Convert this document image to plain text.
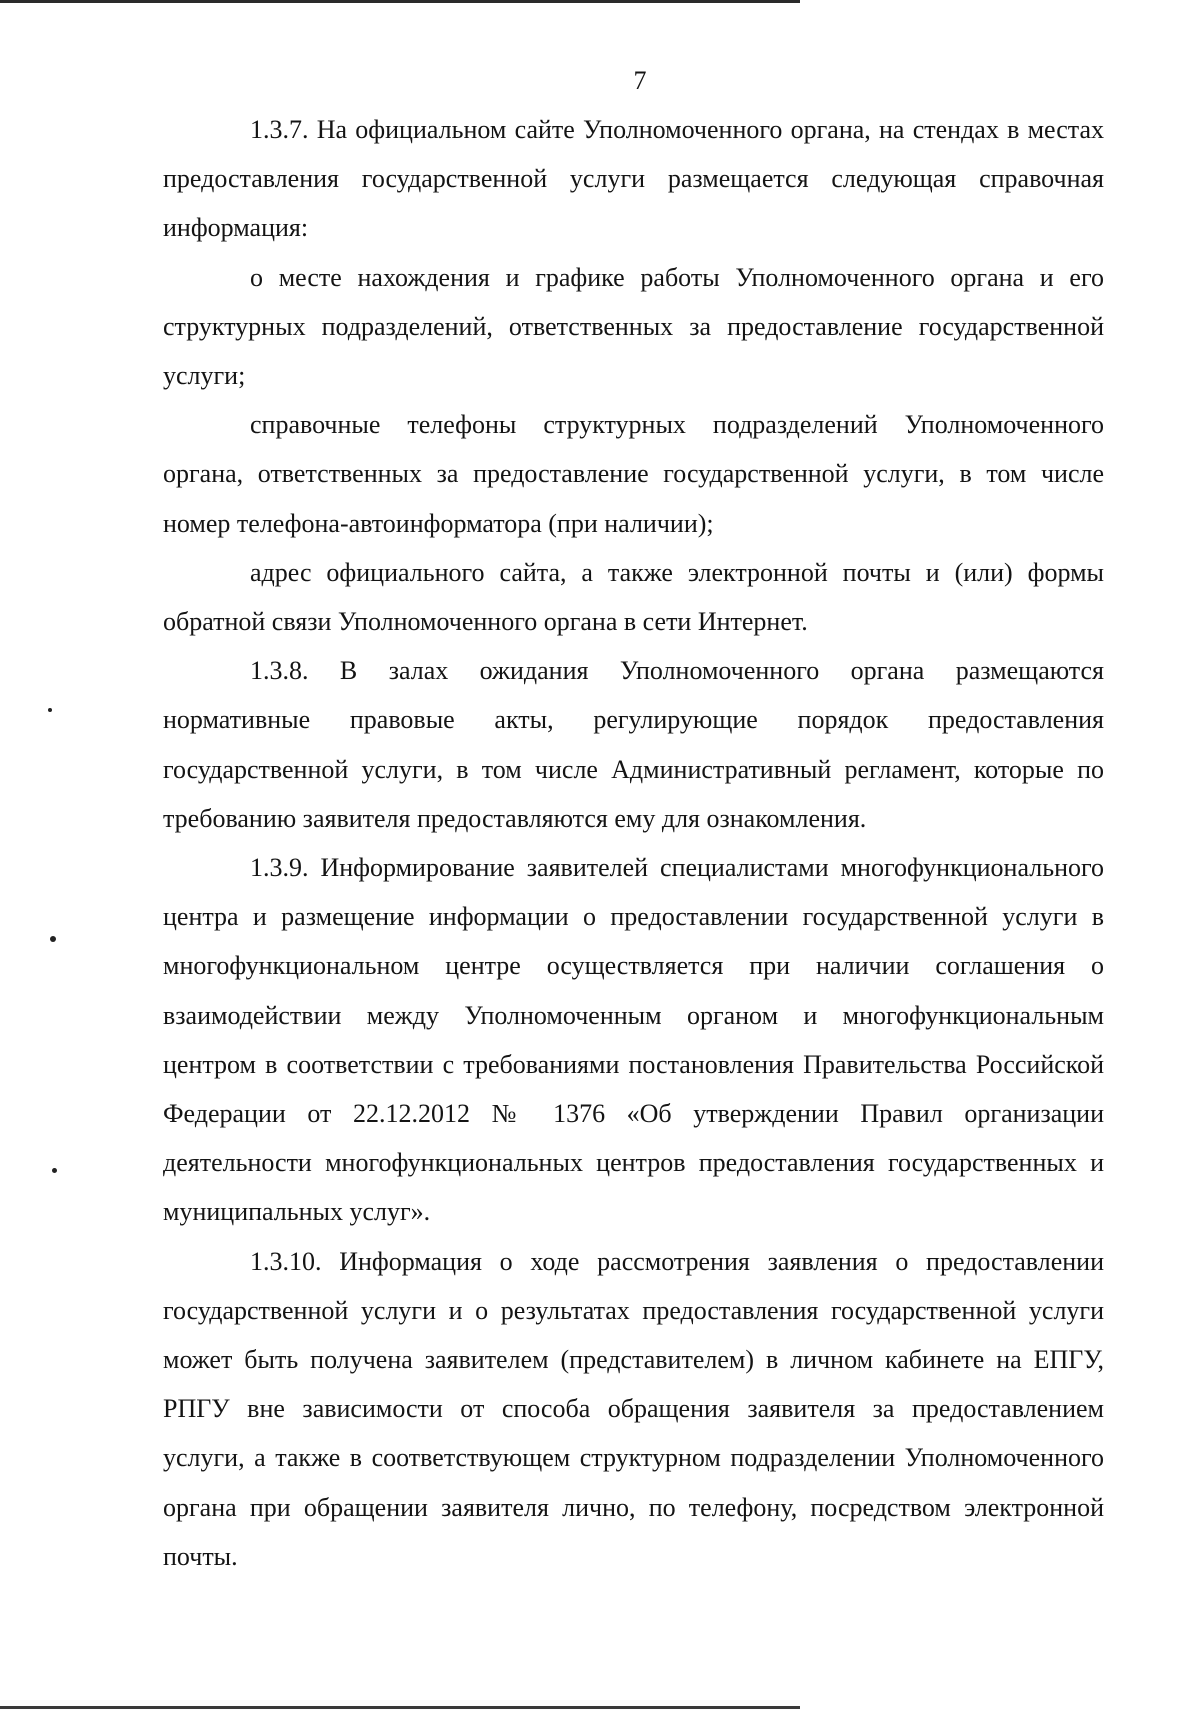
7

1.3.7. На официальном сайте Уполномоченного органа, на стендах в местах предоставления государственной услуги размещается следующая справочная информация:

о месте нахождения и графике работы Уполномоченного органа и его структурных подразделений, ответственных за предоставление государственной услуги;

справочные телефоны структурных подразделений Уполномоченного органа, ответственных за предоставление государственной услуги, в том числе номер телефона-автоинформатора (при наличии);

адрес официального сайта, а также электронной почты и (или) формы обратной связи Уполномоченного органа в сети Интернет.

1.3.8. В залах ожидания Уполномоченного органа размещаются нормативные правовые акты, регулирующие порядок предоставления государственной услуги, в том числе Административный регламент, которые по требованию заявителя предоставляются ему для ознакомления.

1.3.9. Информирование заявителей специалистами многофункционального центра и размещение информации о предоставлении государственной услуги в многофункциональном центре осуществляется при наличии соглашения о взаимодействии между Уполномоченным органом и многофункциональным центром в соответствии с требованиями постановления Правительства Российской Федерации от 22.12.2012 № 1376 «Об утверждении Правил организации деятельности многофункциональных центров предоставления государственных и муниципальных услуг».

1.3.10. Информация о ходе рассмотрения заявления о предоставлении государственной услуги и о результатах предоставления государственной услуги может быть получена заявителем (представителем) в личном кабинете на ЕПГУ, РПГУ вне зависимости от способа обращения заявителя за предоставлением услуги, а также в соответствующем структурном подразделении Уполномоченного органа при обращении заявителя лично, по телефону, посредством электронной почты.
